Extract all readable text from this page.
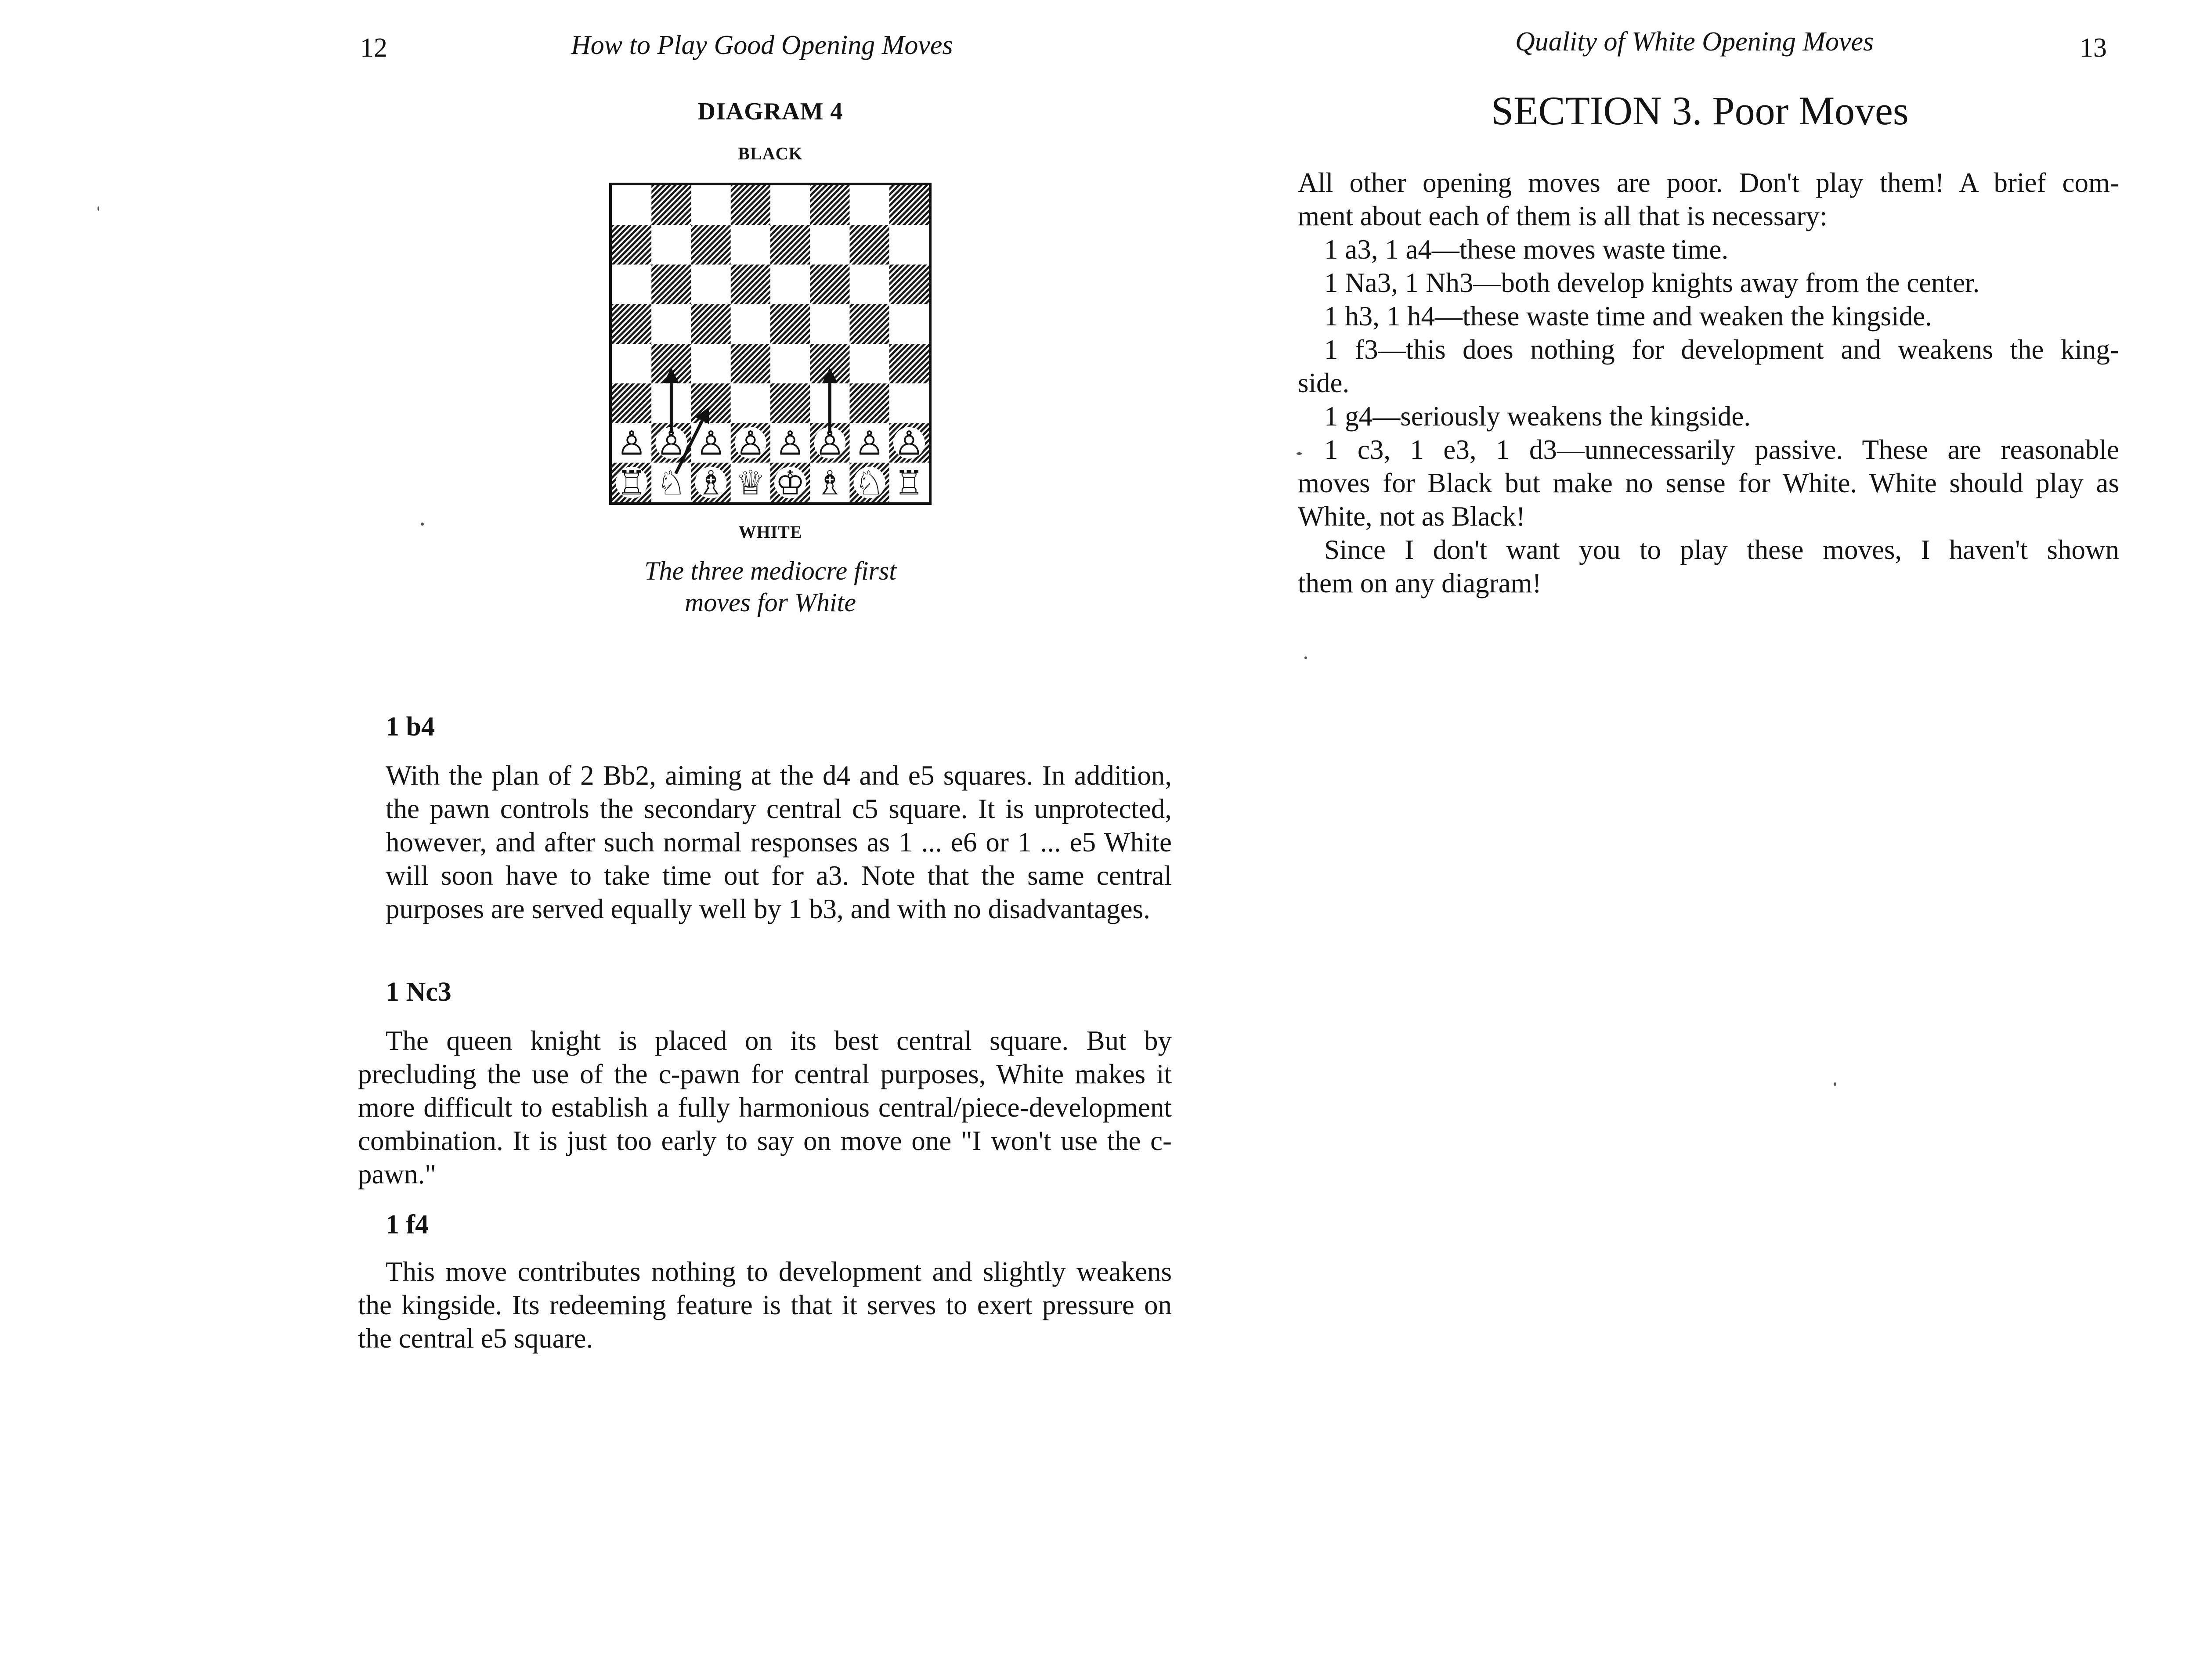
12	How to Play Good Opening Moves
DIAGRAM 4
BLACK
♙ ♙ ♙ ♙ ♙ ♙ ♙ ♙
♖ ♘ ♗ ♕ ♔ ♗ ♘ ♖
WHITE
The three mediocre first
moves for White
1 b4

With the plan of 2 Bb2, aiming at the d4 and e5 squares. In addition, the pawn controls the secondary central c5 square. It is unprotected, however, and after such normal responses as 1 ... e6 or 1 ... e5 White will soon have to take time out for a3. Note that the same central purposes are served equally well by 1 b3, and with no disadvantages.

1 Nc3

The queen knight is placed on its best central square. But by precluding the use of the c-pawn for central purposes, White makes it more difficult to establish a fully harmonious central/piece-development combination. It is just too early to say on move one "I won't use the c-pawn."

1 f4

This move contributes nothing to development and slightly weakens the kingside. Its redeeming feature is that it serves to exert pressure on the central e5 square.

Quality of White Opening Moves	13
SECTION 3. Poor Moves
All other opening moves are poor. Don't play them! A brief com-
ment about each of them is all that is necessary:
1 a3, 1 a4—these moves waste time.
1 Na3, 1 Nh3—both develop knights away from the center.
1 h3, 1 h4—these waste time and weaken the kingside.
1 f3—this does nothing for development and weakens the king-
side.
1 g4—seriously weakens the kingside.
1 c3, 1 e3, 1 d3—unnecessarily passive. These are reasonable
moves for Black but make no sense for White. White should play as
White, not as Black!
Since I don't want you to play these moves, I haven't shown
them on any diagram!
